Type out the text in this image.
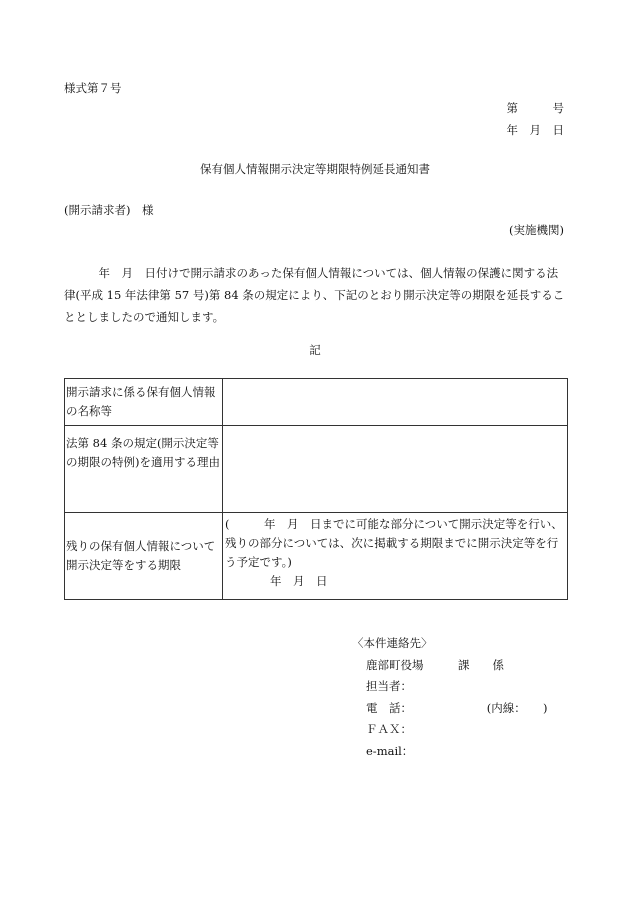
様式第７号
第　　　号
年　月　日
保有個人情報開示決定等期限特例延長通知書
(開示請求者)　様
(実施機関)
年　月　日付けで開示請求のあった保有個人情報については、個人情報の保護に関する法律(平成 15 年法律第 57 号)第 84 条の規定により、下記のとおり開示決定等の期限を延長することとしましたので通知します。
記
開示請求に係る保有個人情報の名称等	
法第 84 条の規定(開示決定等の期限の特例)を適用する理由	
残りの保有個人情報について開示決定等をする期限	(　　　年　月　日までに可能な部分について開示決定等を行い、残りの部分については、次に掲載する期限までに開示決定等を行う予定です。)
年　月　日
〈本件連絡先〉
鹿部町役場　　　課　　係
担当者：
電　話：　　　　　　　(内線：　　)
ＦＡＸ：
e-mail：
